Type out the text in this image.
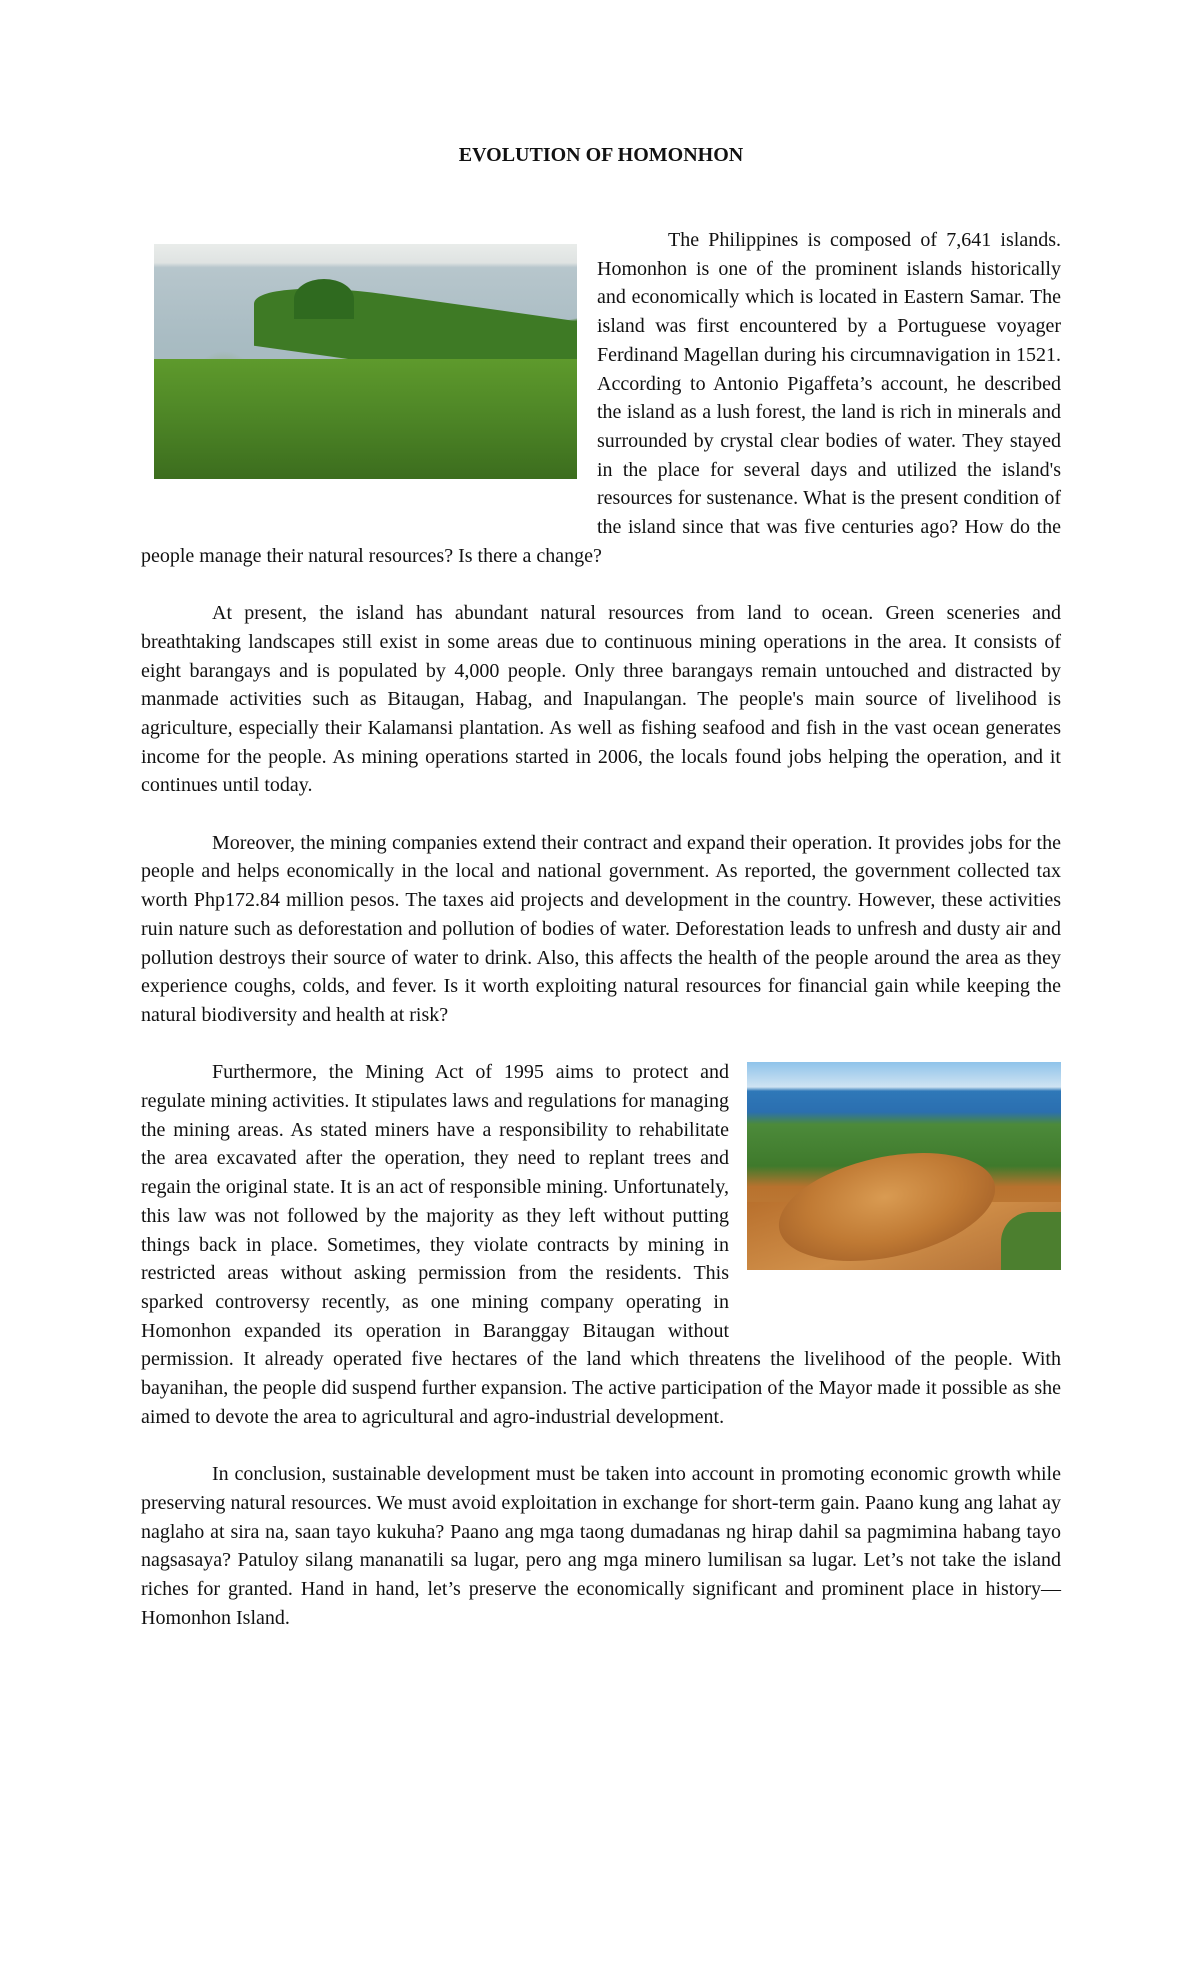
EVOLUTION OF HOMONHON

The Philippines is composed of 7,641 islands. Homonhon is one of the prominent islands historically and economically which is located in Eastern Samar. The island was first encountered by a Portuguese voyager Ferdinand Magellan during his circumnavigation in 1521. According to Antonio Pigaffeta’s account, he described the island as a lush forest, the land is rich in minerals and surrounded by crystal clear bodies of water. They stayed in the place for several days and utilized the island's resources for sustenance. What is the present condition of the island since that was five centuries ago? How do the people manage their natural resources? Is there a change?

At present, the island has abundant natural resources from land to ocean. Green sceneries and breathtaking landscapes still exist in some areas due to continuous mining operations in the area. It consists of eight barangays and is populated by 4,000 people. Only three barangays remain untouched and distracted by manmade activities such as Bitaugan, Habag, and Inapulangan. The people's main source of livelihood is agriculture, especially their Kalamansi plantation. As well as fishing seafood and fish in the vast ocean generates income for the people. As mining operations started in 2006, the locals found jobs helping the operation, and it continues until today.

Moreover, the mining companies extend their contract and expand their operation. It provides jobs for the people and helps economically in the local and national government. As reported, the government collected tax worth Php172.84 million pesos. The taxes aid projects and development in the country. However, these activities ruin nature such as deforestation and pollution of bodies of water. Deforestation leads to unfresh and dusty air and pollution destroys their source of water to drink. Also, this affects the health of the people around the area as they experience coughs, colds, and fever. Is it worth exploiting natural resources for financial gain while keeping the natural biodiversity and health at risk?

Furthermore, the Mining Act of 1995 aims to protect and regulate mining activities. It stipulates laws and regulations for managing the mining areas. As stated miners have a responsibility to rehabilitate the area excavated after the operation, they need to replant trees and regain the original state. It is an act of responsible mining. Unfortunately, this law was not followed by the majority as they left without putting things back in place. Sometimes, they violate contracts by mining in restricted areas without asking permission from the residents. This sparked controversy recently, as one mining company operating in Homonhon expanded its operation in Baranggay Bitaugan without permission. It already operated five hectares of the land which threatens the livelihood of the people. With bayanihan, the people did suspend further expansion. The active participation of the Mayor made it possible as she aimed to devote the area to agricultural and agro-industrial development.

In conclusion, sustainable development must be taken into account in promoting economic growth while preserving natural resources. We must avoid exploitation in exchange for short-term gain. Paano kung ang lahat ay naglaho at sira na, saan tayo kukuha? Paano ang mga taong dumadanas ng hirap dahil sa pagmimina habang tayo nagsasaya? Patuloy silang mananatili sa lugar, pero ang mga minero lumilisan sa lugar. Let’s not take the island riches for granted. Hand in hand, let’s preserve the economically significant and prominent place in history—Homonhon Island.
